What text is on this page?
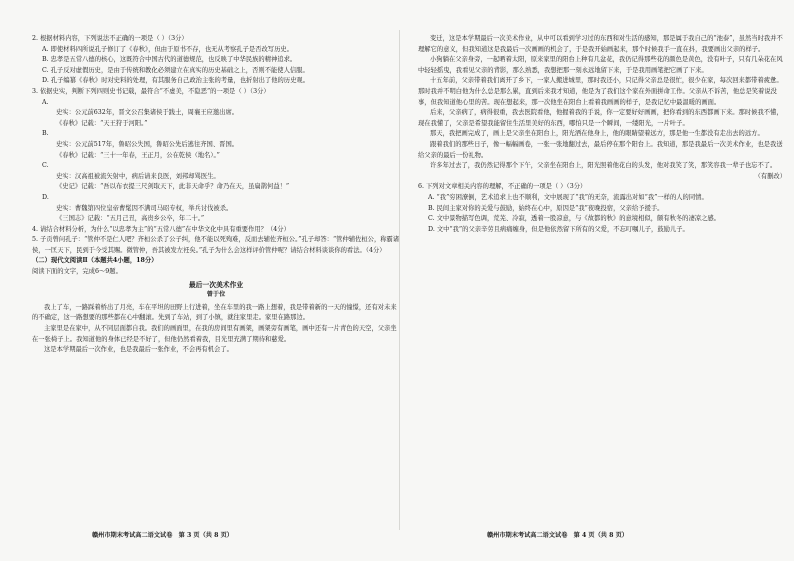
2. 根据材料内容，下列说法不正确的一项是（ ）（3分）

A. 即使材料四所说孔子修订了《春秋》，但由于原书不存，也无从考察孔子是否改写历史。

B. 忠孝是五常八德的核心，这既符合中国古代的道德规范，也反映了中华民族的精神追求。

C. 孔子反对虚假历史，是由于传统和教化必须建立在真实的历史基础之上，否则不能使人信服。

D. 孔子编纂《春秋》时对史料的处理，有其服务自己政治主张的考量，也折射出了他的历史观。

3. 依据史实，判断下列四则史书记载，最符合“不虚美，不隐恶”的一项是（ ）（3分）

A.

史实：公元前632年，晋文公召集诸侯于践土，周襄王应邀出席。

《春秋》记载：“天王狩于河阳。”

B.

史实：公元前517年，鲁昭公失国，鲁昭公先后逃往齐国、晋国。

《春秋》记载：“三十一年春，王正月，公在乾侯（地名）。”

C.

史实：汉高祖被流矢射中，病后请来良医，刘邦却骂医生。

《史记》记载：“吾以布衣提三尺剑取天下，此非天命乎？命乃在天，虽扁鹊何益！”

D.

史实：曹魏第四位皇帝曹髦因不满司马昭专权，举兵讨伐被杀。

《三国志》记载：“五月己丑，高贵乡公卒，年二十。”

4. 请结合材料分析，为什么“以忠孝为主”的“五常八德”在中华文化中具有重要作用？（4分）

5. 子贡曾问孔子：“管仲不是仁人吧？齐桓公杀了公子纠，他不能以死殉难，反而去辅佐齐桓公。”孔子却答：“管仲辅佐桓公，称霸诸侯，一匡天下，民到于今受其赐。微管仲，吾其被发左衽矣。”孔子为什么会这样评价管仲呢？请结合材料谈谈你的看法。（4分）

（二）现代文阅读Ⅱ（本题共4小题，18分）

阅读下面的文字，完成6～9题。

最后一次美术作业

曾于位

我上了车，一路踩着桥出了月亮，车在平坦的田野上行进着，坐在车里的我一路上想着，我是带着新的一天的憧憬，还有对未来的不确定，这一路想要的那些都在心中翻滚。先到了车站，到了小镇，就往家里走。家里在路那边。

主家里是在家中，从不同层面都自我。我们的画面里，在我的房间里有画架，画架旁有画笔，画中还有一片青色的天空，父亲坐在一张椅子上。我知道他的身体已经是不好了，但他仍然看着我，目光里充满了期待和慈爱。

这是本学期最后一次作业，也是我最后一张作业，不会再有机会了。

变迁，这是本学期最后一次美术作业，从中可以看到学习过的东西和对生活的感知，那是属于我自己的“池泰”，虽然当时我并不理解它的意义，但我知道这是我最后一次画画的机会了，于是我开始画起来，那个时候我手一直在抖，我要画出父亲的样子。

小狗躺在父亲身旁，一起晒着太阳，原来家里的阳台上种有几盆花，我仍记得那些花的颜色是黄色，没有叶子，只有几朵花在风中轻轻摇曳，我看见父亲的背影，那么熟悉，我想把那一刻永远地留下来，于是我用画笔把它画了下来。

十五年前，父亲带着我们离开了乡下，一家人搬进城里，那时我还小，只记得父亲总是很忙，很少在家，每次回来都带着疲惫。那时我并不明白他为什么总是那么累，直到后来我才知道，他是为了我们这个家在外面拼命工作。父亲从不诉苦，他总是笑着说没事，但我知道他心里的苦。现在想起来，那一次他坐在阳台上看着我画画的样子，是我记忆中最温暖的画面。

后来，父亲病了，病得很重，我去医院看他，他握着我的手说，你一定要好好画画，把你看到的东西都画下来。那时候我不懂，现在我懂了，父亲是希望我能留住生活里美好的东西，哪怕只是一个瞬间，一缕阳光，一片叶子。

那天，我把画完成了，画上是父亲坐在阳台上，阳光洒在他身上，他的眼睛望着远方，那是他一生都没有走出去的远方。

跟着我们的那些日子，像一幅幅画卷，一张一张地翻过去，最后停在那个阳台上。我知道，那是我最后一次美术作业，也是我送给父亲的最后一份礼物。

许多年过去了，我仍然记得那个下午，父亲坐在阳台上，阳光照着他花白的头发，他对我笑了笑，那笑容我一辈子也忘不了。

（有删改）

6. 下列对文章相关内容的理解，不正确的一项是（ ）（3分）

A. “我”穷困潦倒，艺术追求上也不顺利，文中展现了“我”的无奈，流露出对如“我”一样的人的同情。

B. 民间主家对你的关爱与鼓励，始终在心中，原因是“我”夜晚投宿，父亲给予援手。

C. 文中景物描写色调，荒芜、冷寂，透着一股凉意，与《故都的秋》的意境相似，颇有秋冬的凄凉之感。

D. 文中“我”的父亲辛劳且病痛缠身，但是他依然留下所有的父爱，不忘叮嘱儿子，鼓励儿子。

赣州市期末考试高二语文试卷　第 3 页（共 8 页）	赣州市期末考试高二语文试卷　第 4 页（共 8 页）
